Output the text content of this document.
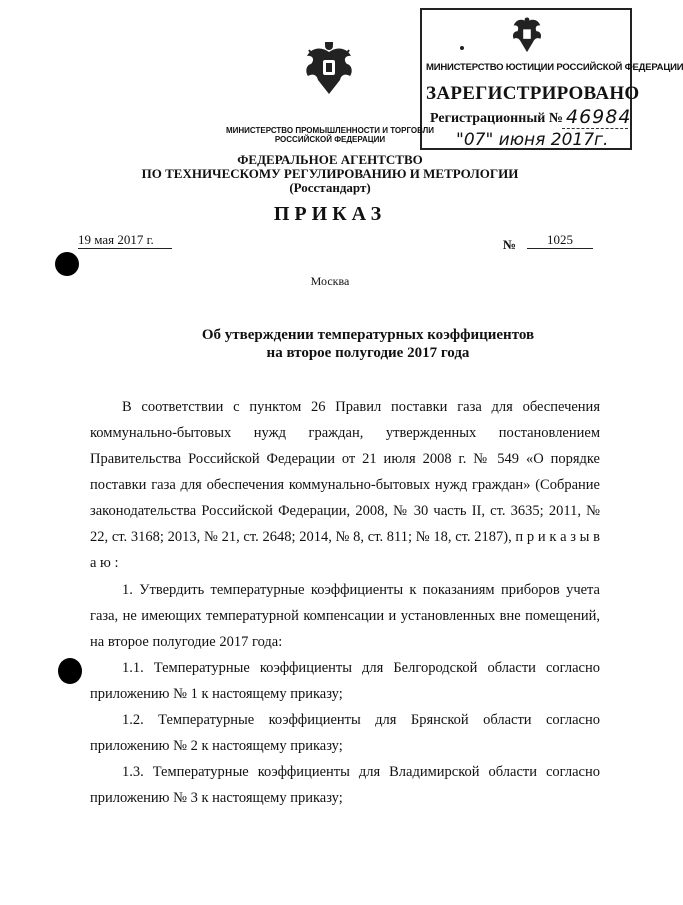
МИНИСТЕРСТВО ЮСТИЦИИ РОССИЙСКОЙ ФЕДЕРАЦИИ
ЗАРЕГИСТРИРОВАНО
Регистрационный № 46984
"07" июня 2017г.
МИНИСТЕРСТВО ПРОМЫШЛЕННОСТИ И ТОРГОВЛИ РОССИЙСКОЙ ФЕДЕРАЦИИ
ФЕДЕРАЛЬНОЕ АГЕНТСТВО
ПО ТЕХНИЧЕСКОМУ РЕГУЛИРОВАНИЮ И МЕТРОЛОГИИ
(Росстандарт)
ПРИКАЗ
19 мая 2017 г.	№	1025
Москва
Об утверждении температурных коэффициентов
на второе полугодие 2017 года

В соответствии с пунктом 26 Правил поставки газа для обеспечения коммунально-бытовых нужд граждан, утвержденных постановлением Правительства Российской Федерации от 21 июля 2008 г. № 549 «О порядке поставки газа для обеспечения коммунально-бытовых нужд граждан» (Собрание законодательства Российской Федерации, 2008, № 30 часть II, ст. 3635; 2011, № 22, ст. 3168; 2013, № 21, ст. 2648; 2014, № 8, ст. 811; № 18, ст. 2187), п р и к а з ы в а ю :

1. Утвердить температурные коэффициенты к показаниям приборов учета газа, не имеющих температурной компенсации и установленных вне помещений, на второе полугодие 2017 года:

1.1. Температурные коэффициенты для Белгородской области согласно приложению № 1 к настоящему приказу;

1.2. Температурные коэффициенты для Брянской области согласно приложению № 2 к настоящему приказу;

1.3. Температурные коэффициенты для Владимирской области согласно приложению № 3 к настоящему приказу;
